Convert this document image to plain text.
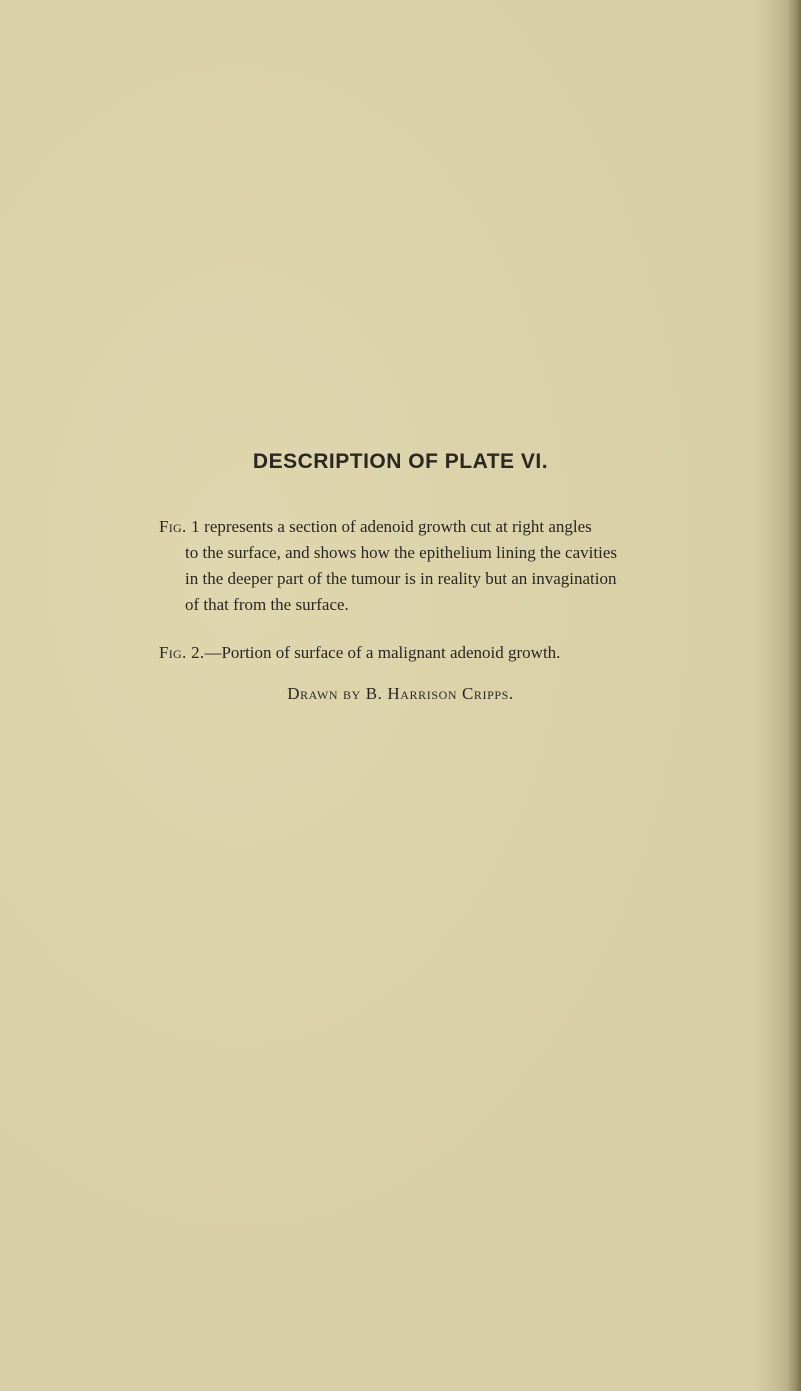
DESCRIPTION OF PLATE VI.
Fig. 1 represents a section of adenoid growth cut at right angles
to the surface, and shows how the epithelium lining the cavities
in the deeper part of the tumour is in reality but an invagination
of that from the surface.
Fig. 2.—Portion of surface of a malignant adenoid growth.

Drawn by B. Harrison Cripps.
